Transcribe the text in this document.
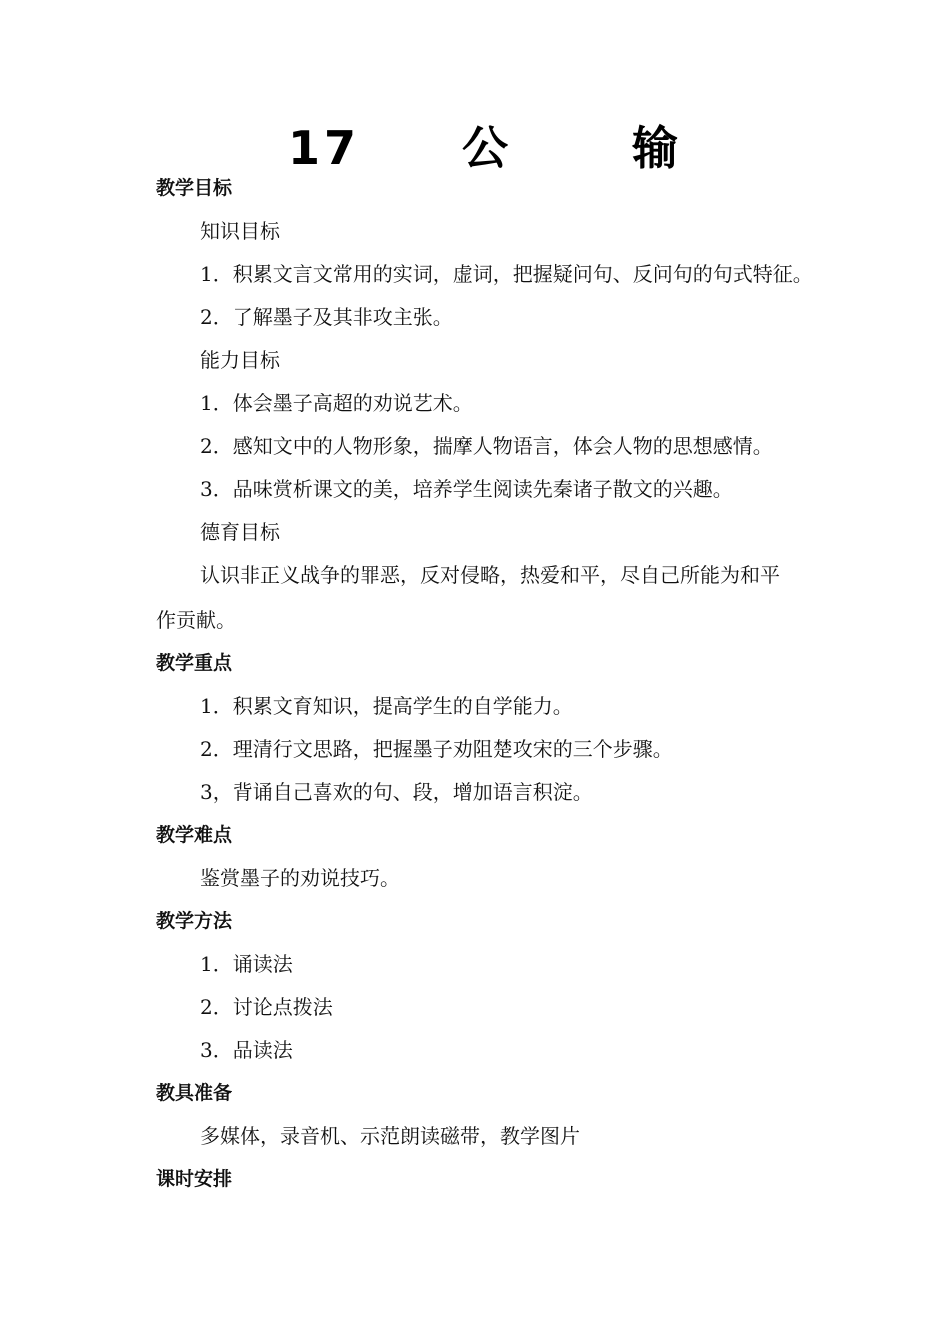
17 公	输
教学目标
知识目标
1．积累文言文常用的实词，虚词，把握疑问句、反问句的句式特征。
2．了解墨子及其非攻主张。
能力目标
1．体会墨子高超的劝说艺术。
2．感知文中的人物形象，揣摩人物语言，体会人物的思想感情。
3．品味赏析课文的美，培养学生阅读先秦诸子散文的兴趣。
德育目标
认识非正义战争的罪恶，反对侵略，热爱和平，尽自己所能为和平
作贡献。
教学重点
1．积累文育知识，提高学生的自学能力。
2．理清行文思路，把握墨子劝阻楚攻宋的三个步骤。
3，背诵自己喜欢的句、段，增加语言积淀。
教学难点
鉴赏墨子的劝说技巧。
教学方法
1．诵读法
2．讨论点拨法
3．品读法
教具准备
多媒体，录音机、示范朗读磁带，教学图片
课时安排
